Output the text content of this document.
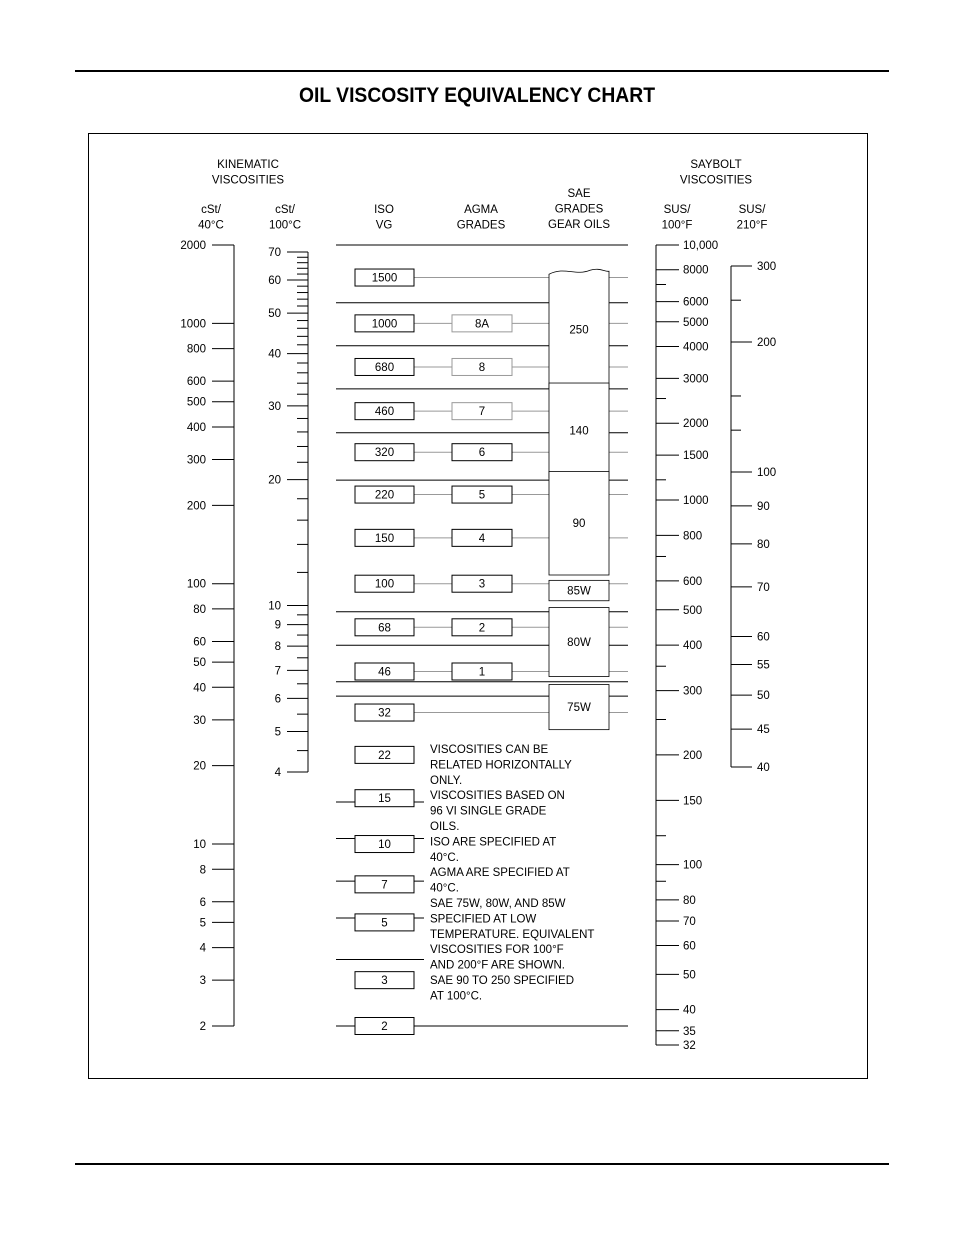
OIL VISCOSITY EQUIVALENCY CHART
KINEMATIC
VISCOSITIES
SAYBOLT
VISCOSITIES
cSt/
40°C
cSt/
100°C
ISO
VG
AGMA
GRADES
SAE
GRADES
GEAR OILS
SUS/
100°F
SUS/
210°F
2000
1000
800
600
500
400
300
200
100
80
60
50
40
30
20
10
8
6
5
4
3
2
70
60
50
40
30
20
10
9
8
7
6
5
4
1500
1000
680
460
320
220
150
100
68
46
32
22
15
10
7
5
3
2
8A
8
7
6
5
4
3
2
1
250
140
90
85W
80W
75W
10,000
8000
6000
5000
4000
3000
2000
1500
1000
800
600
500
400
300
200
150
100
80
70
60
50
40
35
32
300
200
100
90
80
70
60
55
50
45
40
VISCOSITIES CAN BE
RELATED HORIZONTALLY
ONLY.
VISCOSITIES BASED ON
96 VI SINGLE GRADE
OILS.
ISO ARE SPECIFIED AT
40°C.
AGMA ARE SPECIFIED AT
40°C.
SAE 75W, 80W, AND 85W
SPECIFIED AT LOW
TEMPERATURE. EQUIVALENT
VISCOSITIES FOR 100°F
AND 200°F ARE SHOWN.
SAE 90 TO 250 SPECIFIED
AT 100°C.
